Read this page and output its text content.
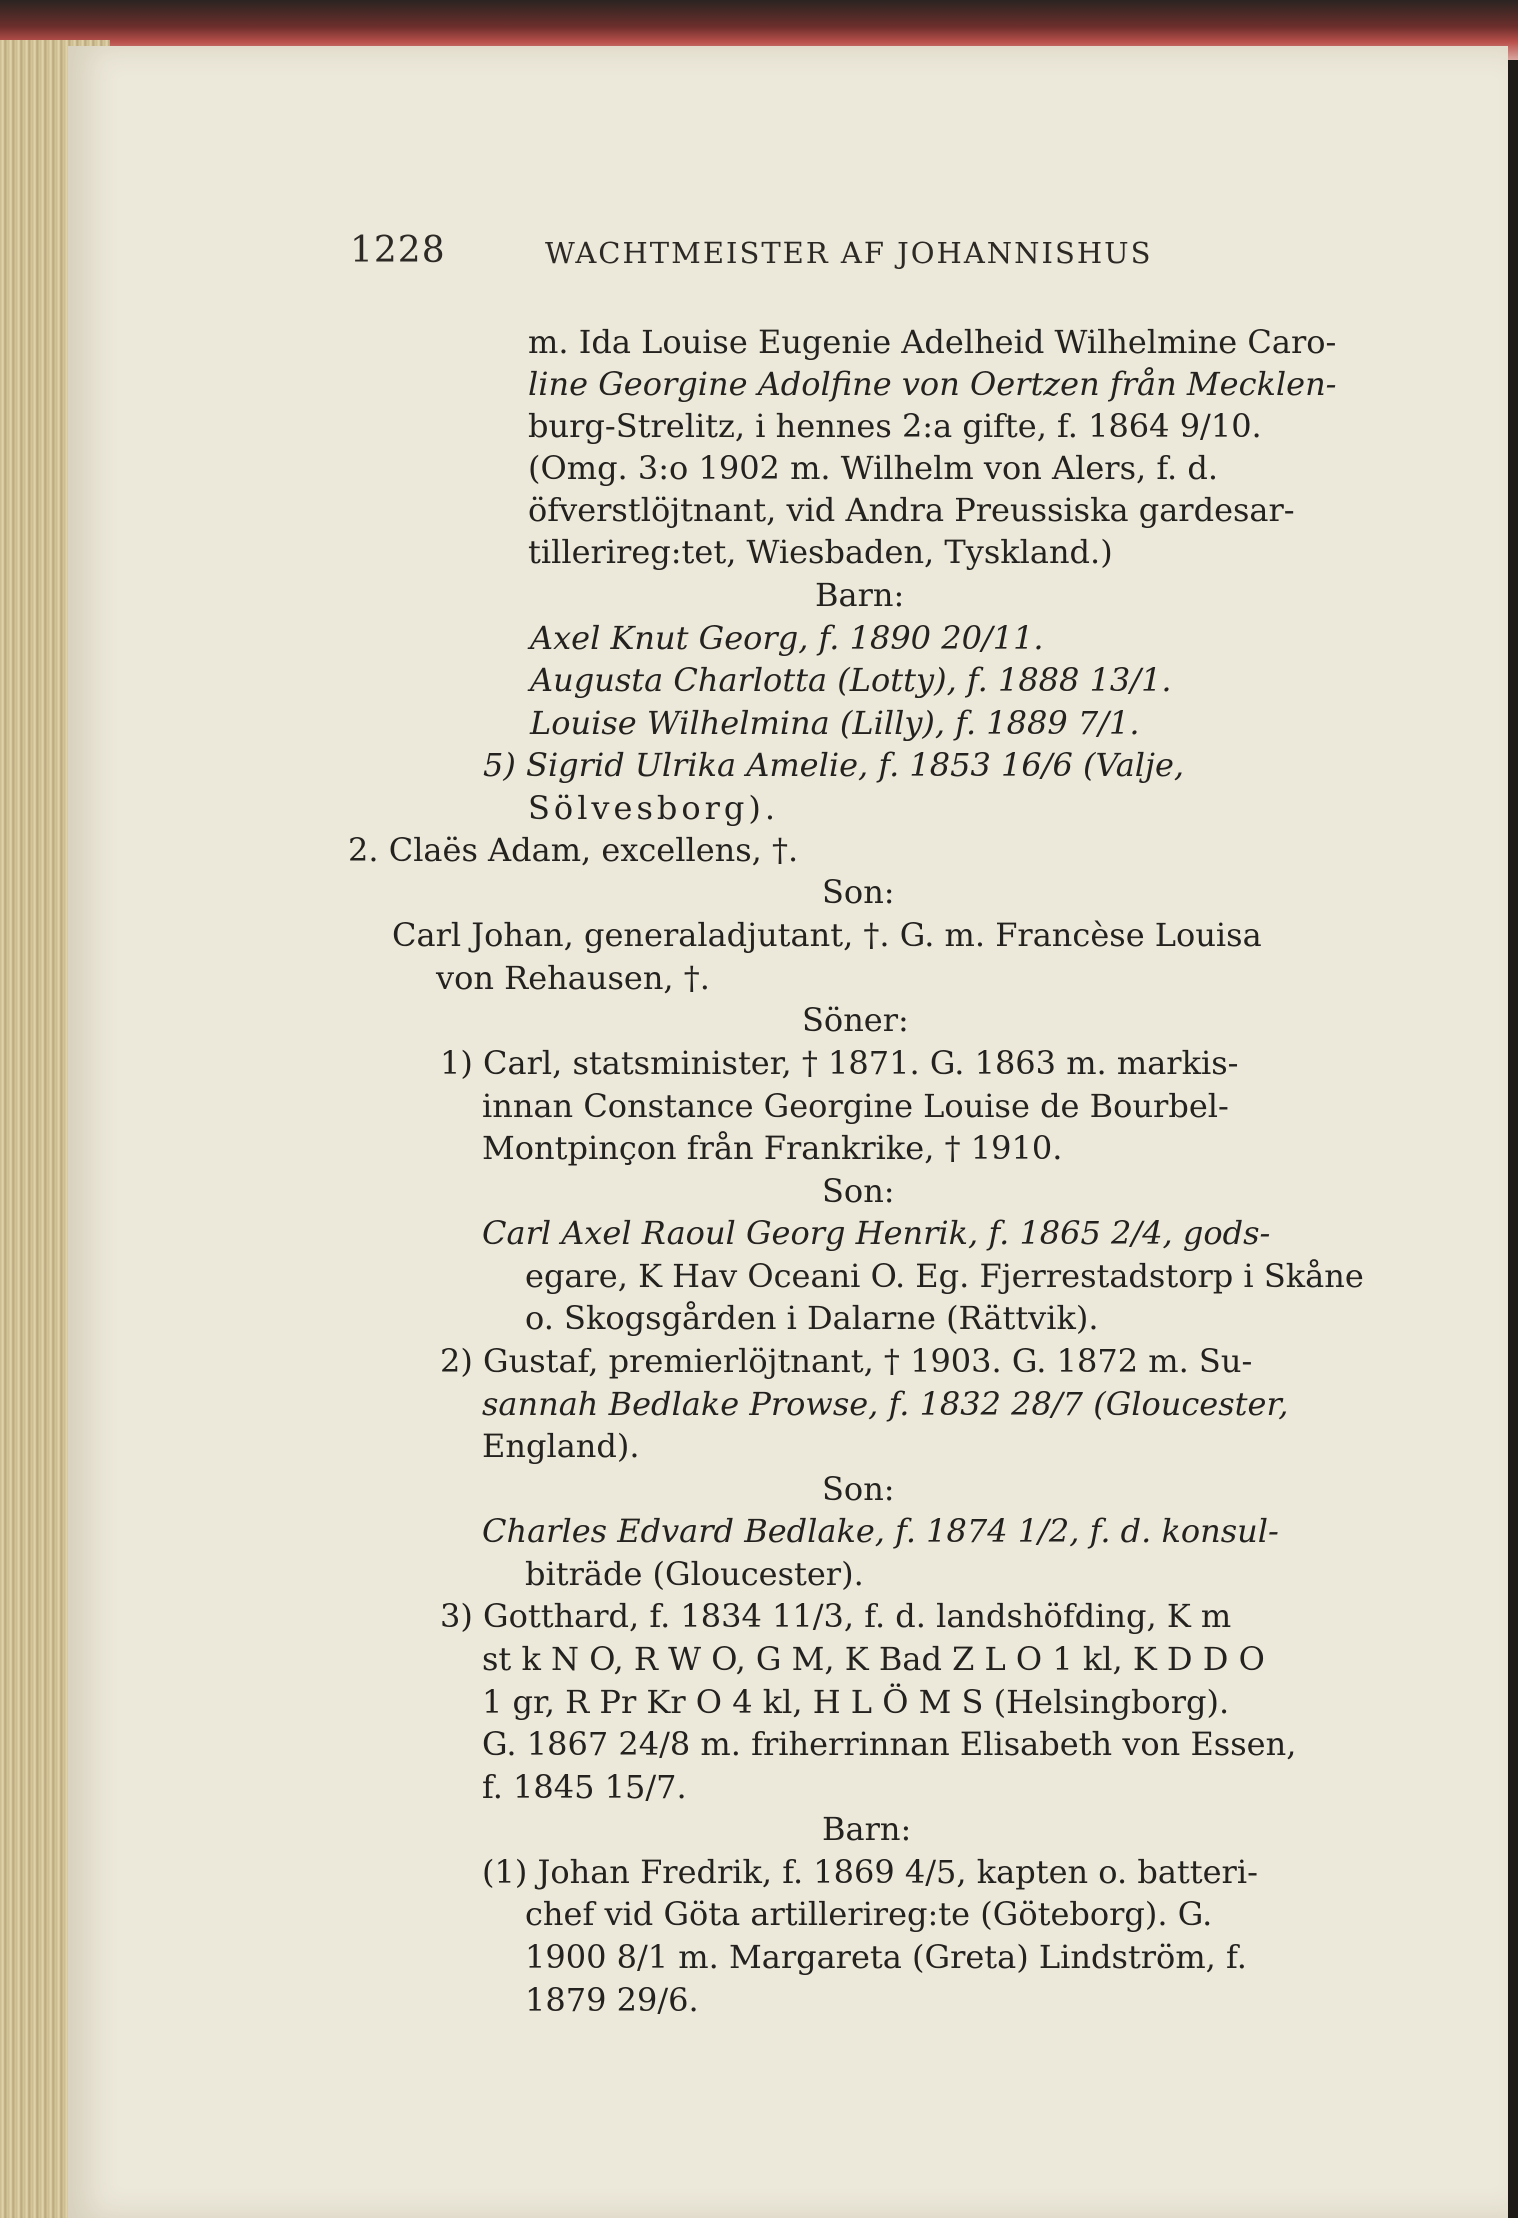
1228	WACHTMEISTER AF JOHANNISHUS
m. Ida Louise Eugenie Adelheid Wilhelmine Caro-
line Georgine Adolfine von Oertzen från Mecklen-
burg-Strelitz, i hennes 2:a gifte, f. 1864 9/10.
(Omg. 3:o 1902 m. Wilhelm von Alers, f. d.
öfverstlöjtnant, vid Andra Preussiska gardesar-
tillerireg:tet, Wiesbaden, Tyskland.)
Barn:
Axel Knut Georg, f. 1890 20/11.
Augusta Charlotta (Lotty), f. 1888 13/1.
Louise Wilhelmina (Lilly), f. 1889 7/1.
5) Sigrid Ulrika Amelie, f. 1853 16/6 (Valje,
Sölvesborg).
2. Claës Adam, excellens, †.
Son:
Carl Johan, generaladjutant, †. G. m. Francèse Louisa
von Rehausen, †.
Söner:
1) Carl, statsminister, † 1871. G. 1863 m. markis-
innan Constance Georgine Louise de Bourbel-
Montpinçon från Frankrike, † 1910.
Son:
Carl Axel Raoul Georg Henrik, f. 1865 2/4, gods-
egare, K Hav Oceani O. Eg. Fjerrestadstorp i Skåne
o. Skogsgården i Dalarne (Rättvik).
2) Gustaf, premierlöjtnant, † 1903. G. 1872 m. Su-
sannah Bedlake Prowse, f. 1832 28/7 (Gloucester,
England).
Son:
Charles Edvard Bedlake, f. 1874 1/2, f. d. konsul-
biträde (Gloucester).
3) Gotthard, f. 1834 11/3, f. d. landshöfding, K m
st k N O, R W O, G M, K Bad Z L O 1 kl, K D D O
1 gr, R Pr Kr O 4 kl, H L Ö M S (Helsingborg).
G. 1867 24/8 m. friherrinnan Elisabeth von Essen,
f. 1845 15/7.
Barn:
(1) Johan Fredrik, f. 1869 4/5, kapten o. batteri-
chef vid Göta artillerireg:te (Göteborg). G.
1900 8/1 m. Margareta (Greta) Lindström, f.
1879 29/6.
